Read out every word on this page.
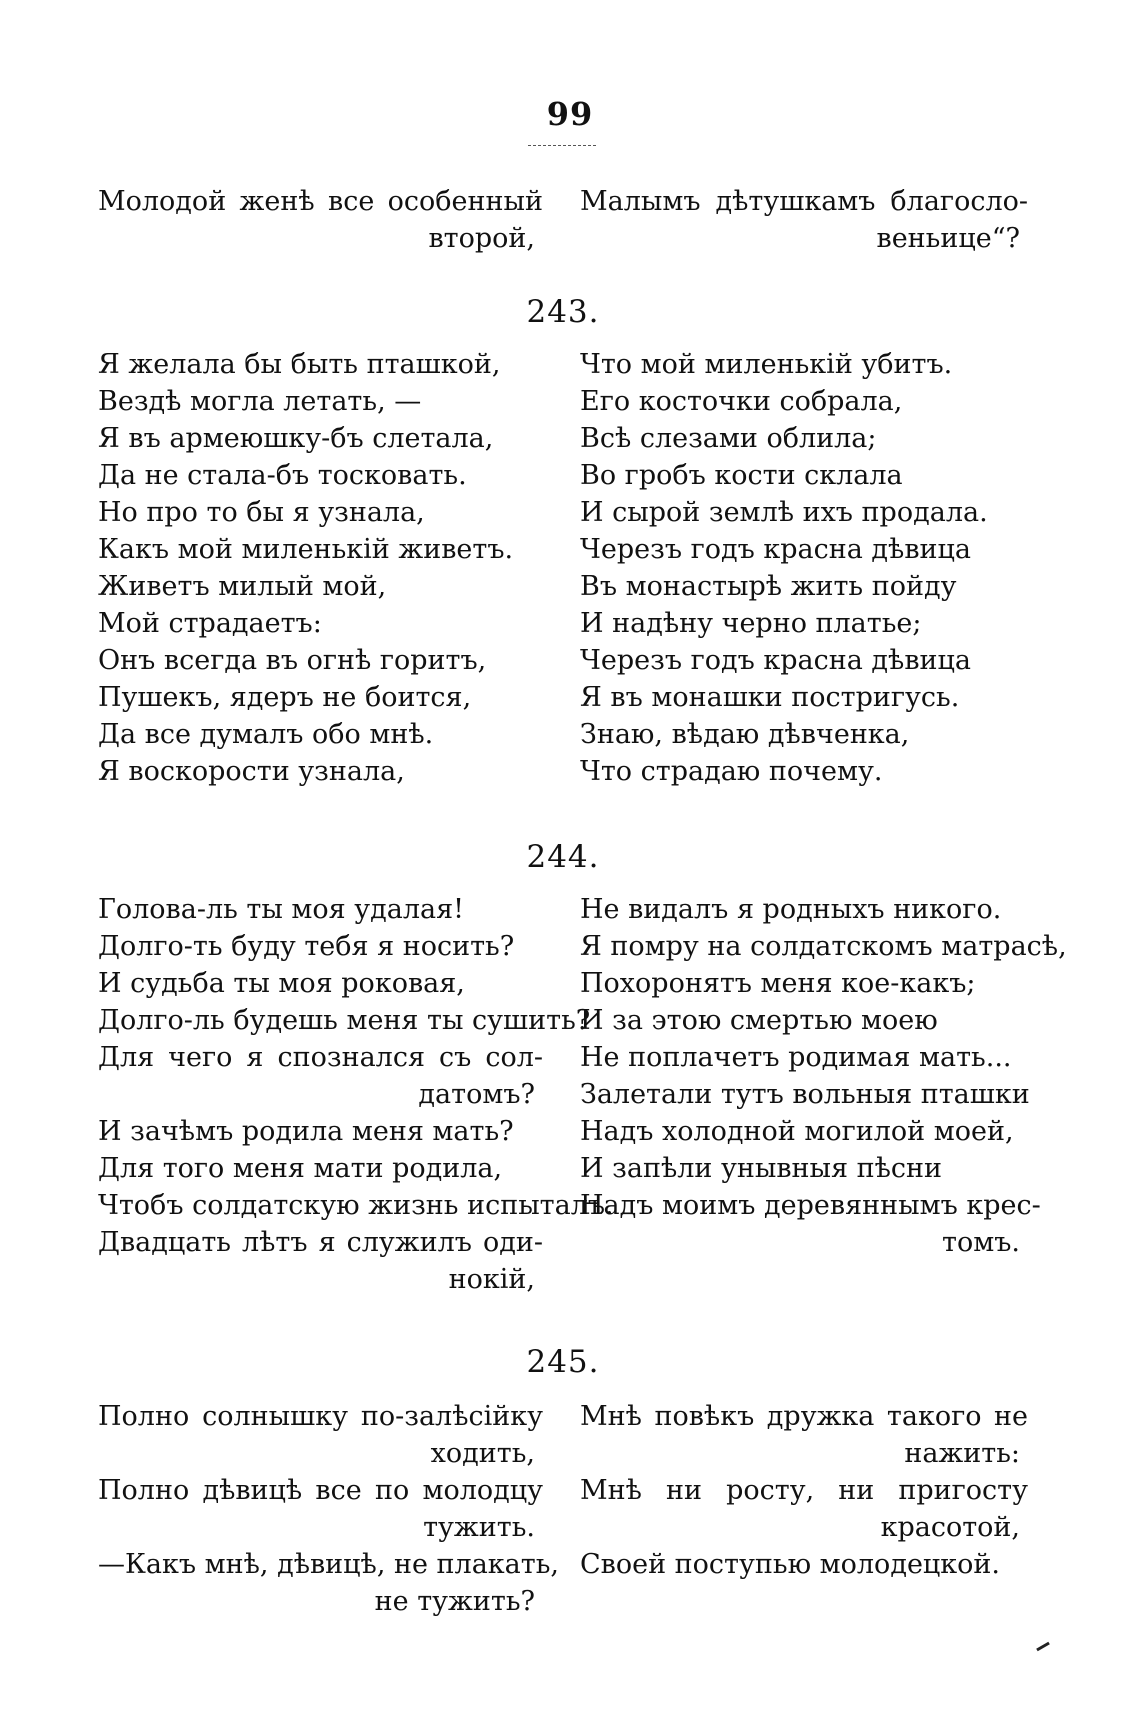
99
Молодой женѣ все особенный
второй,
Малымъ дѣтушкамъ благосло-
веньице“?
243.
Я желала бы быть пташкой,
Вездѣ могла летать, —
Я въ армеюшку-бъ слетала,
Да не стала-бъ тосковать.
Но про то бы я узнала,
Какъ мой миленькій живетъ.
Живетъ милый мой,
Мой страдаетъ:
Онъ всегда въ огнѣ горитъ,
Пушекъ, ядеръ не боится,
Да все думалъ обо мнѣ.
Я воскорости узнала,
Что мой миленькій убитъ.
Его косточки собрала,
Всѣ слезами облила;
Во гробъ кости склала
И сырой землѣ ихъ продала.
Черезъ годъ красна дѣвица
Въ монастырѣ жить пойду
И надѣну черно платье;
Черезъ годъ красна дѣвица
Я въ монашки постригусь.
Знаю, вѣдаю дѣвченка,
Что страдаю почему.
244.
Голова-ль ты моя удалая!
Долго-ть буду тебя я носить?
И судьба ты моя роковая,
Долго-ль будешь меня ты сушить?
Для чего я спознался съ сол-
датомъ?
И зачѣмъ родила меня мать?
Для того меня мати родила,
Чтобъ солдатскую жизнь испыталъ.
Двадцать лѣтъ я служилъ оди-
нокій,
Не видалъ я родныхъ никого.
Я помру на солдатскомъ матрасѣ,
Похоронятъ меня кое-какъ;
И за этою смертью моею
Не поплачетъ родимая мать...
Залетали тутъ вольныя пташки
Надъ холодной могилой моей,
И запѣли унывныя пѣсни
Надъ моимъ деревяннымъ крес-
томъ.
245.
Полно солнышку по-залѣсійку
ходить,
Полно дѣвицѣ все по молодцу
тужить.
—Какъ мнѣ, дѣвицѣ, не плакать,
не тужить?
Мнѣ повѣкъ дружка такого не
нажить:
Мнѣ ни росту, ни пригосту
красотой,
Своей поступью молодецкой.
